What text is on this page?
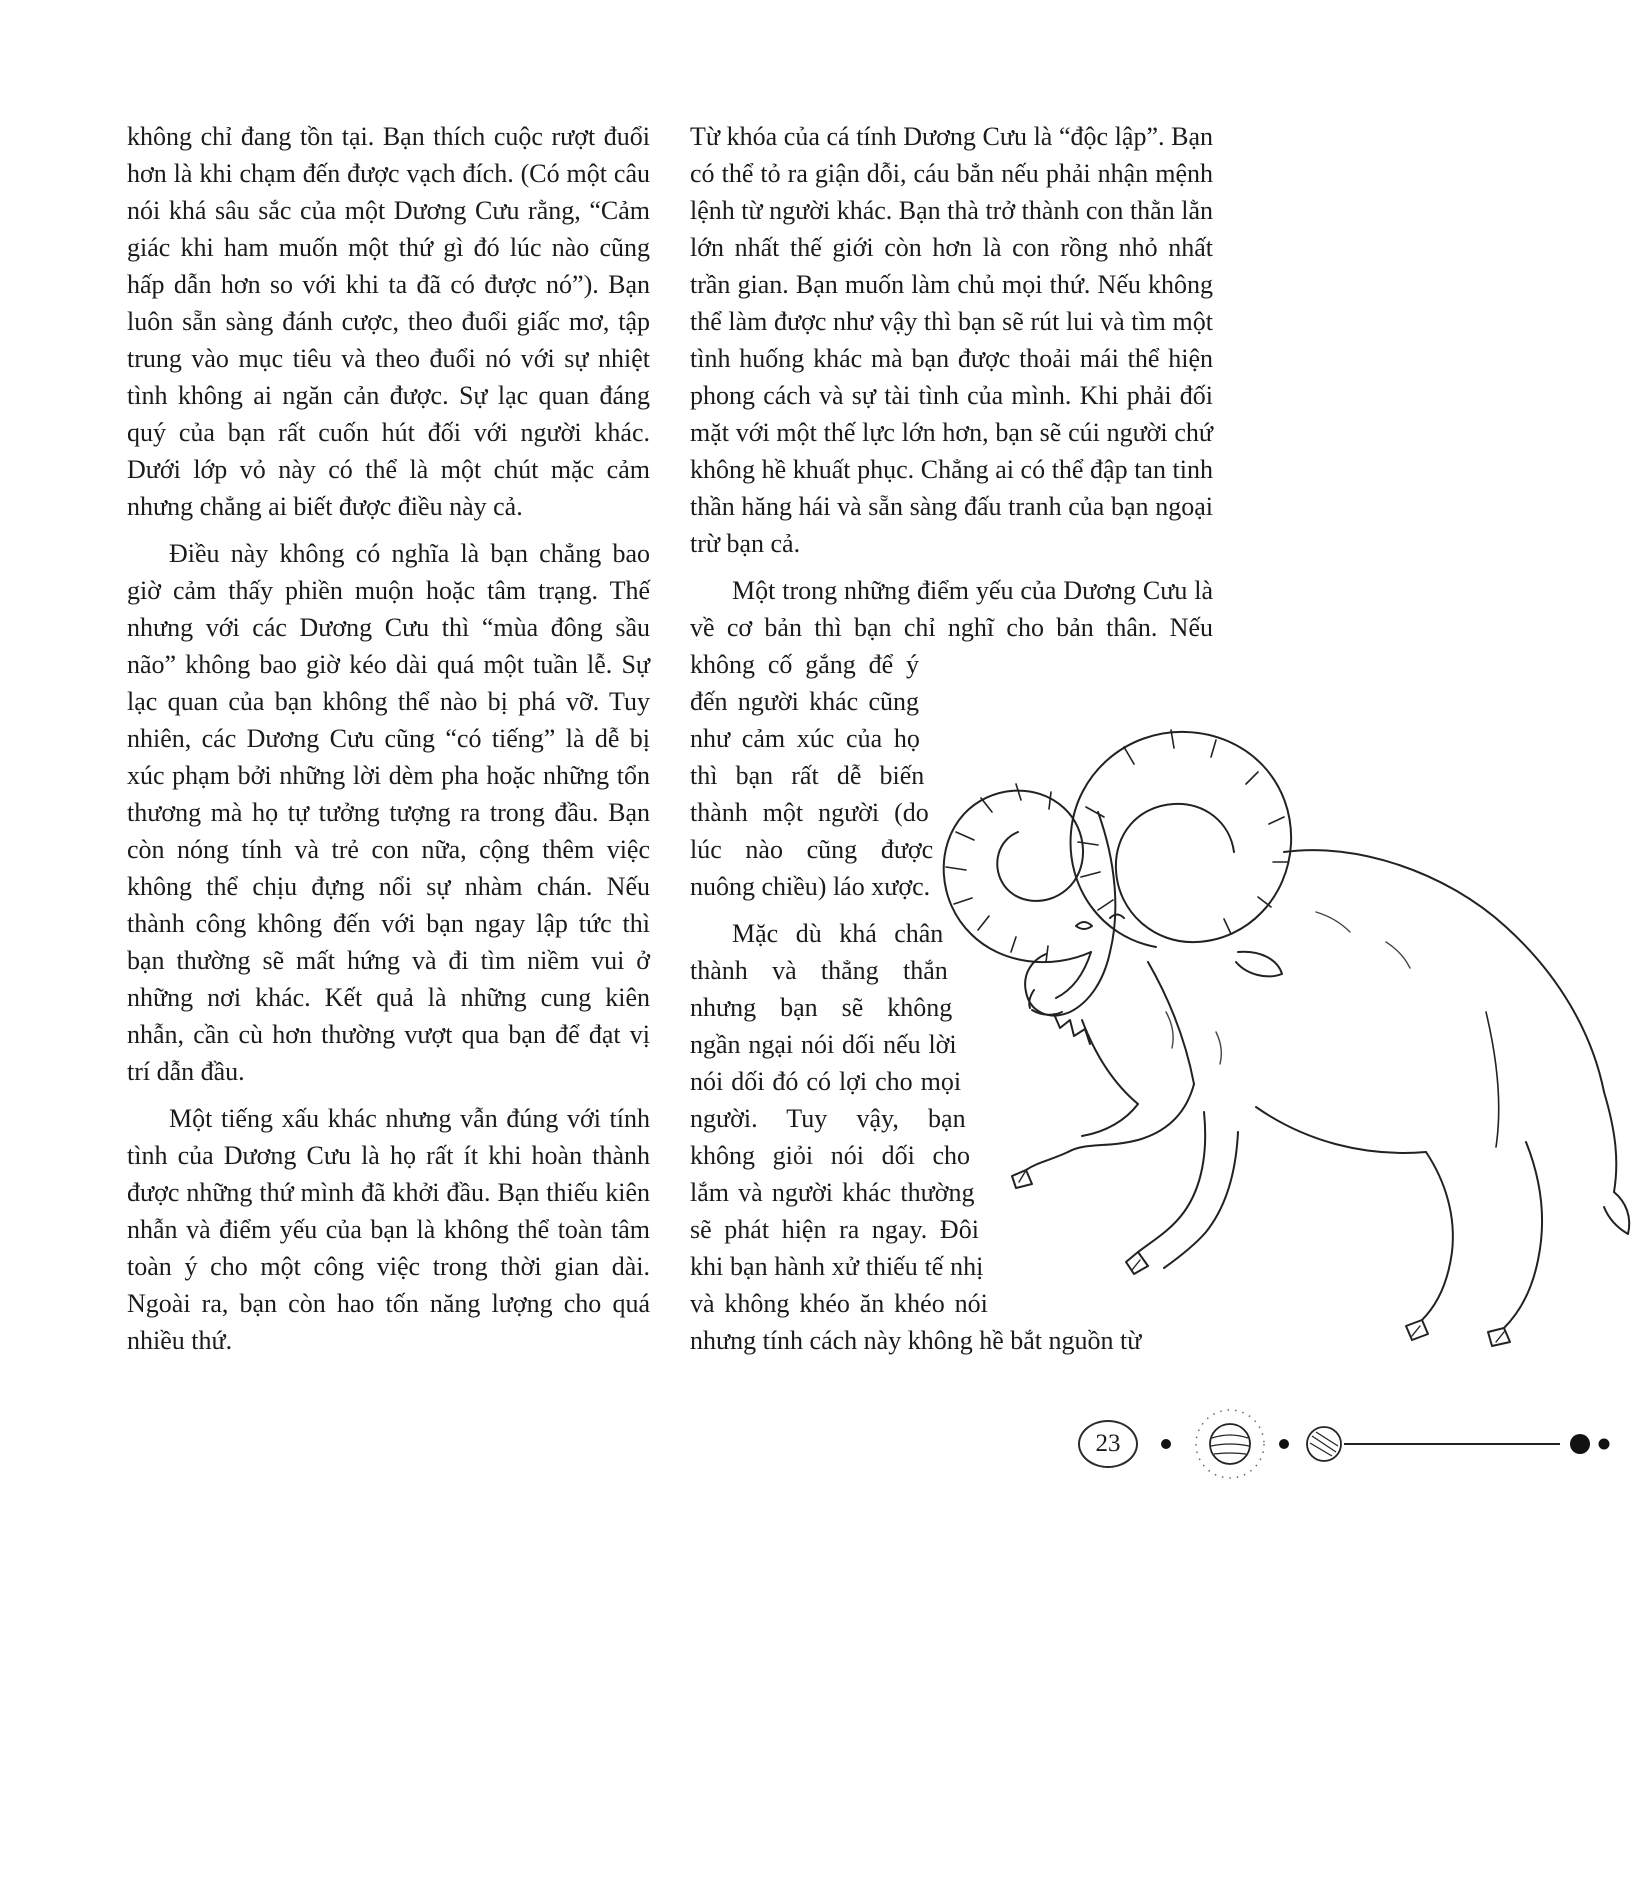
không chỉ đang tồn tại. Bạn thích cuộc rượt đuổi hơn là khi chạm đến được vạch đích. (Có một câu nói khá sâu sắc của một Dương Cưu rằng, “Cảm giác khi ham muốn một thứ gì đó lúc nào cũng hấp dẫn hơn so với khi ta đã có được nó”). Bạn luôn sẵn sàng đánh cược, theo đuổi giấc mơ, tập trung vào mục tiêu và theo đuổi nó với sự nhiệt tình không ai ngăn cản được. Sự lạc quan đáng quý của bạn rất cuốn hút đối với người khác. Dưới lớp vỏ này có thể là một chút mặc cảm nhưng chẳng ai biết được điều này cả.

Điều này không có nghĩa là bạn chẳng bao giờ cảm thấy phiền muộn hoặc tâm trạng. Thế nhưng với các Dương Cưu thì “mùa đông sầu não” không bao giờ kéo dài quá một tuần lễ. Sự lạc quan của bạn không thể nào bị phá vỡ. Tuy nhiên, các Dương Cưu cũng “có tiếng” là dễ bị xúc phạm bởi những lời dèm pha hoặc những tổn thương mà họ tự tưởng tượng ra trong đầu. Bạn còn nóng tính và trẻ con nữa, cộng thêm việc không thể chịu đựng nổi sự nhàm chán. Nếu thành công không đến với bạn ngay lập tức thì bạn thường sẽ mất hứng và đi tìm niềm vui ở những nơi khác. Kết quả là những cung kiên nhẫn, cần cù hơn thường vượt qua bạn để đạt vị trí dẫn đầu.

Một tiếng xấu khác nhưng vẫn đúng với tính tình của Dương Cưu là họ rất ít khi hoàn thành được những thứ mình đã khởi đầu. Bạn thiếu kiên nhẫn và điểm yếu của bạn là không thể toàn tâm toàn ý cho một công việc trong thời gian dài. Ngoài ra, bạn còn hao tốn năng lượng cho quá nhiều thứ.

Từ khóa của cá tính Dương Cưu là “độc lập”. Bạn có thể tỏ ra giận dỗi, cáu bẳn nếu phải nhận mệnh lệnh từ người khác. Bạn thà trở thành con thằn lằn lớn nhất thế giới còn hơn là con rồng nhỏ nhất trần gian. Bạn muốn làm chủ mọi thứ. Nếu không thể làm được như vậy thì bạn sẽ rút lui và tìm một tình huống khác mà bạn được thoải mái thể hiện phong cách và sự tài tình của mình. Khi phải đối mặt với một thế lực lớn hơn, bạn sẽ cúi người chứ không hề khuất phục. Chẳng ai có thể đập tan tinh thần hăng hái và sẵn sàng đấu tranh của bạn ngoại trừ bạn cả.

Một trong những điểm yếu của Dương Cưu là về cơ bản thì bạn chỉ nghĩ cho bản thân. Nếu
không cố gắng để ý đến người khác cũng như cảm xúc của họ thì bạn rất dễ biến thành một người (do lúc nào cũng được nuông chiều) láo xược.

Mặc dù khá chân thành và thẳng thắn nhưng bạn sẽ không ngần ngại nói dối nếu lời nói dối đó có lợi cho mọi người. Tuy vậy, bạn không giỏi nói dối cho lắm và người khác thường sẽ phát hiện ra ngay. Đôi khi bạn hành xử thiếu tế nhị và không khéo ăn khéo nói nhưng tính cách này không hề bắt nguồn từ

23
